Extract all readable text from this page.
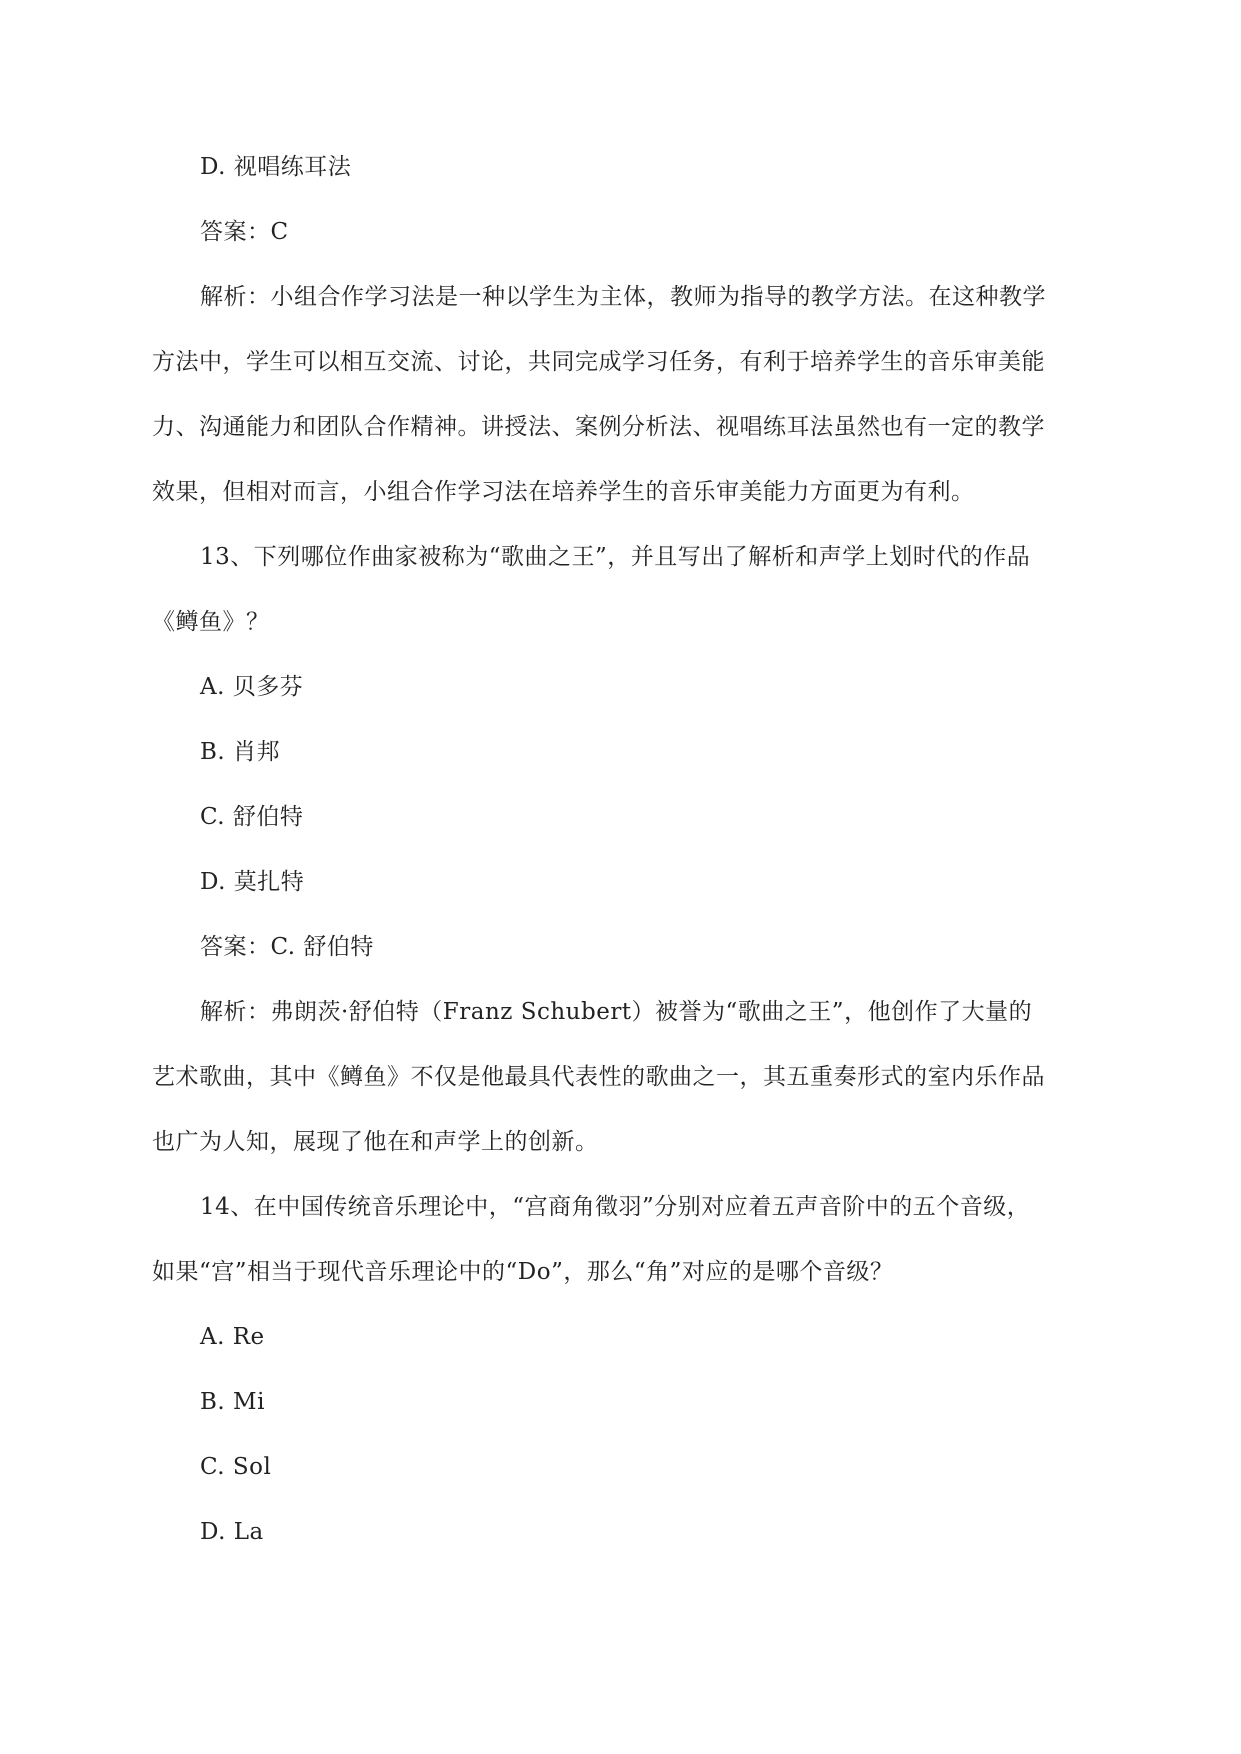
D. 视唱练耳法
答案：C
解析：小组合作学习法是一种以学生为主体，教师为指导的教学方法。在这种教学
方法中，学生可以相互交流、讨论，共同完成学习任务，有利于培养学生的音乐审美能
力、沟通能力和团队合作精神。讲授法、案例分析法、视唱练耳法虽然也有一定的教学
效果，但相对而言，小组合作学习法在培养学生的音乐审美能力方面更为有利。
13、下列哪位作曲家被称为“歌曲之王”，并且写出了解析和声学上划时代的作品
《鳟鱼》？
A. 贝多芬
B. 肖邦
C. 舒伯特
D. 莫扎特
答案：C. 舒伯特
解析：弗朗茨·舒伯特（Franz Schubert）被誉为“歌曲之王”，他创作了大量的
艺术歌曲，其中《鳟鱼》不仅是他最具代表性的歌曲之一，其五重奏形式的室内乐作品
也广为人知，展现了他在和声学上的创新。
14、在中国传统音乐理论中，“宫商角徵羽”分别对应着五声音阶中的五个音级，
如果“宫”相当于现代音乐理论中的“Do”，那么“角”对应的是哪个音级？
A. Re
B. Mi
C. Sol
D. La
